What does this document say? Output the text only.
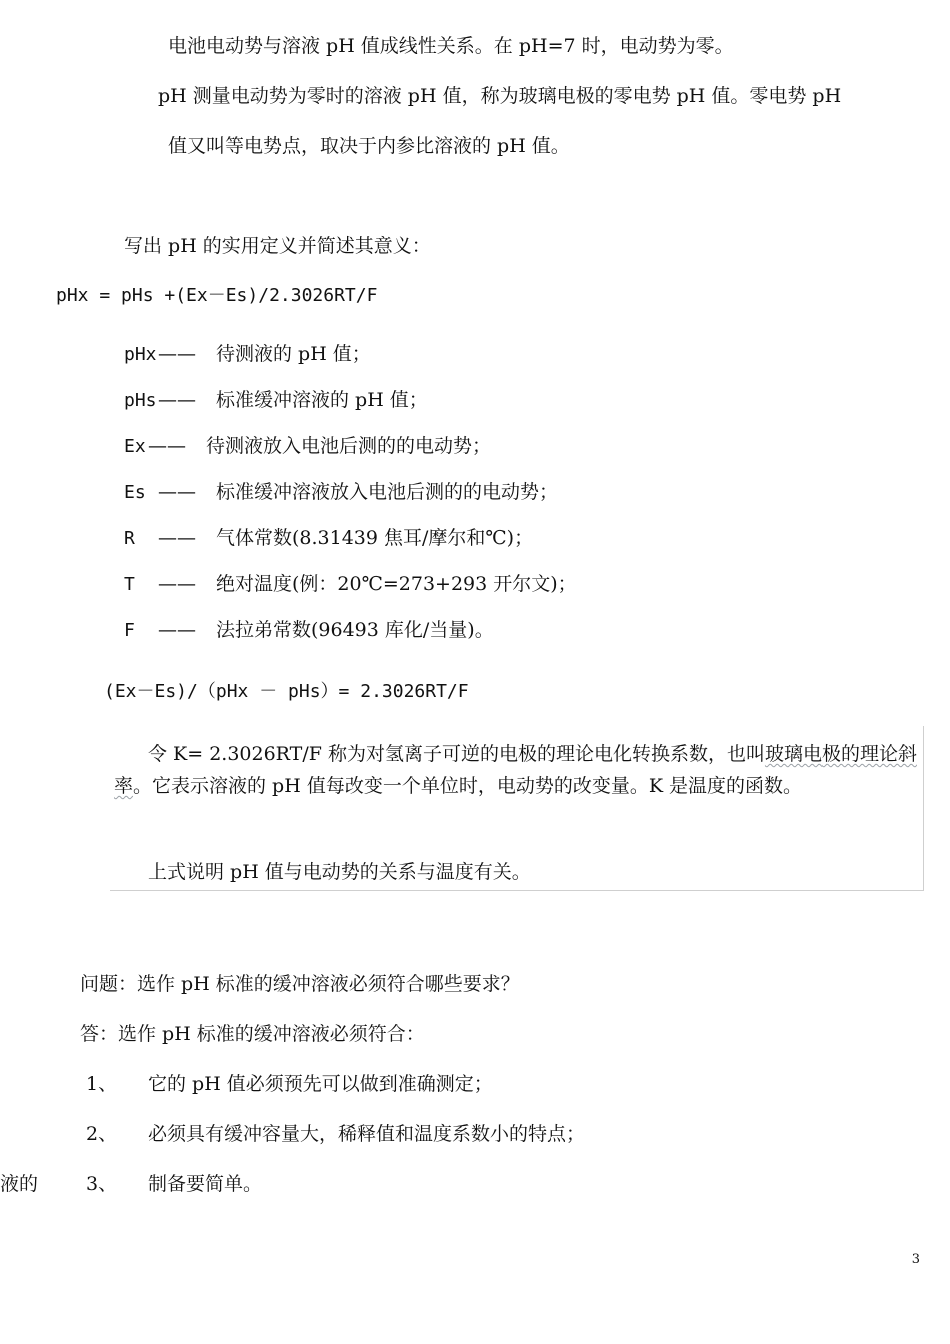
电池电动势与溶液 pH 值成线性关系。在 pH=7 时，电动势为零。
pH 测量电动势为零时的溶液 pH 值，称为玻璃电极的零电势 pH 值。零电势 pH
值又叫等电势点，取决于内参比溶液的 pH 值。
写出 pH 的实用定义并简述其意义：
pHx = pHs +(Ex－Es)/2.3026RT/F
pHx—— 待测液的 pH 值；
pHs—— 标准缓冲溶液的 pH 值；
Ex —— 待测液放入电池后测的的电动势；
Es —— 标准缓冲溶液放入电池后测的的电动势；
R —— 气体常数(8.31439 焦耳/摩尔和℃)；
T —— 绝对温度(例：20℃=273+293 开尔文)；
F —— 法拉弟常数(96493 库化/当量)。
(Ex－Es)/（pHx － pHs）= 2.3026RT/F
令 K= 2.3026RT/F 称为对氢离子可逆的电极的理论电化转换系数，也叫玻璃电极的理论斜率。它表示溶液的 pH 值每改变一个单位时，电动势的改变量。K 是温度的函数。
上式说明 pH 值与电动势的关系与温度有关。
问题：选作 pH 标准的缓冲溶液必须符合哪些要求？
答：选作 pH 标准的缓冲溶液必须符合：
1、 它的 pH 值必须预先可以做到准确测定；
2、 必须具有缓冲容量大，稀释值和温度系数小的特点；
液的	3、 制备要简单。
3
